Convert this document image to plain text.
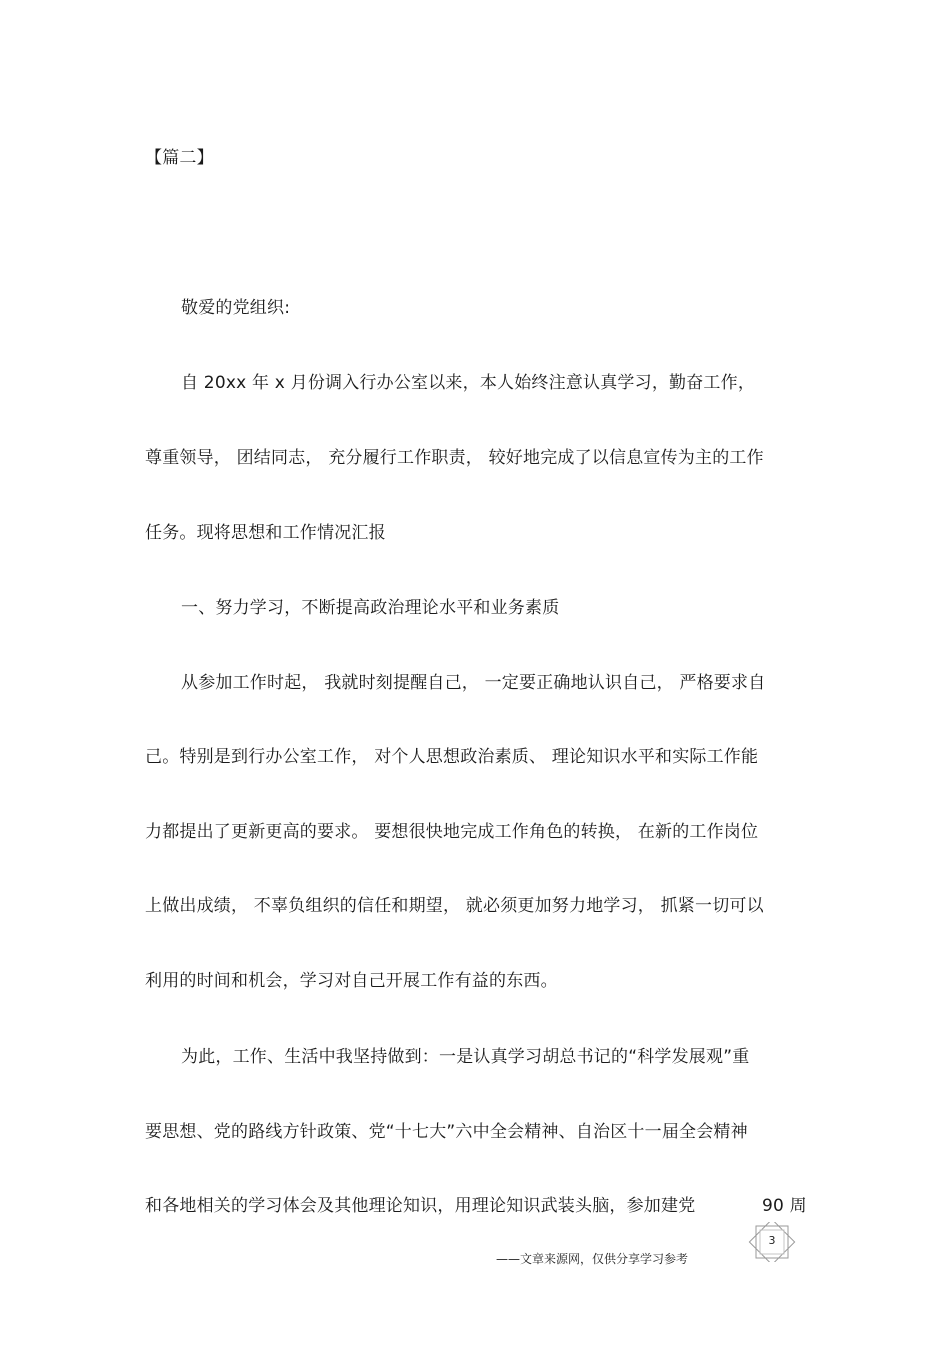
【篇二】
敬爱的党组织:
自 20xx 年 x 月份调入行办公室以来，本人始终注意认真学习，勤奋工作，
尊重领导， 团结同志， 充分履行工作职责， 较好地完成了以信息宣传为主的工作
任务。现将思想和工作情况汇报
一、努力学习，不断提高政治理论水平和业务素质
从参加工作时起， 我就时刻提醒自己， 一定要正确地认识自己， 严格要求自
己。特别是到行办公室工作， 对个人思想政治素质、 理论知识水平和实际工作能
力都提出了更新更高的要求。 要想很快地完成工作角色的转换， 在新的工作岗位
上做出成绩， 不辜负组织的信任和期望， 就必须更加努力地学习， 抓紧一切可以
利用的时间和机会，学习对自己开展工作有益的东西。
为此，工作、生活中我坚持做到：一是认真学习胡总书记的“科学发展观”重
要思想、党的路线方针政策、党“十七大”六中全会精神、自治区十一届全会精神
和各地相关的学习体会及其他理论知识，用理论知识武装头脑，参加建党	90 周
3
——文章来源网，仅供分享学习参考
